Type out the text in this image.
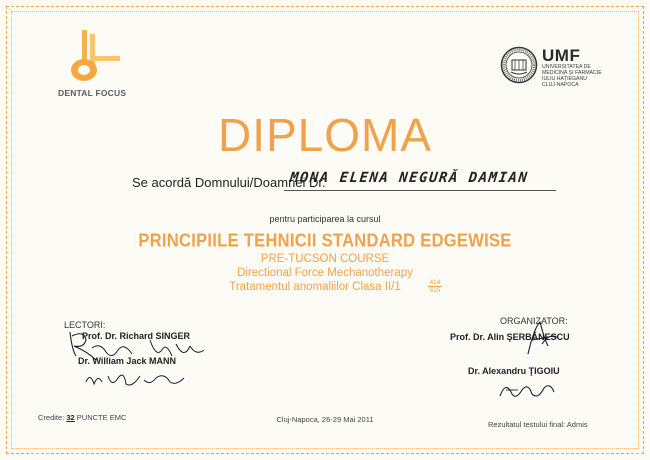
DENTAL FOCUS
UMF
UNIVERSITATEA DE
MEDICINĂ ȘI FARMACIE
IULIU HAȚIEGANU
CLUJ-NAPOCA
DIPLOMA
Se acordă Domnului/Doamnei Dr.
MONA ELENA NEGURĂ DAMIAN
pentru participarea la cursul
PRINCIPIILE TEHNICII STANDARD EDGEWISE
PRE-TUCSON COURSE
Directional Force Mechanotherapy
Tratamentul anomaliilor Clasa II/1	414
515
LECTORI:
Prof. Dr. Richard SINGER
Dr. William Jack MANN
ORGANIZATOR:
Prof. Dr. Alin ŞERBĂNESCU
Dr. Alexandru ŢIGOIU
Credite: 32 PUNCTE EMC	Cluj-Napoca, 26-29 Mai 2011
Rezultatul testului final: Admis
